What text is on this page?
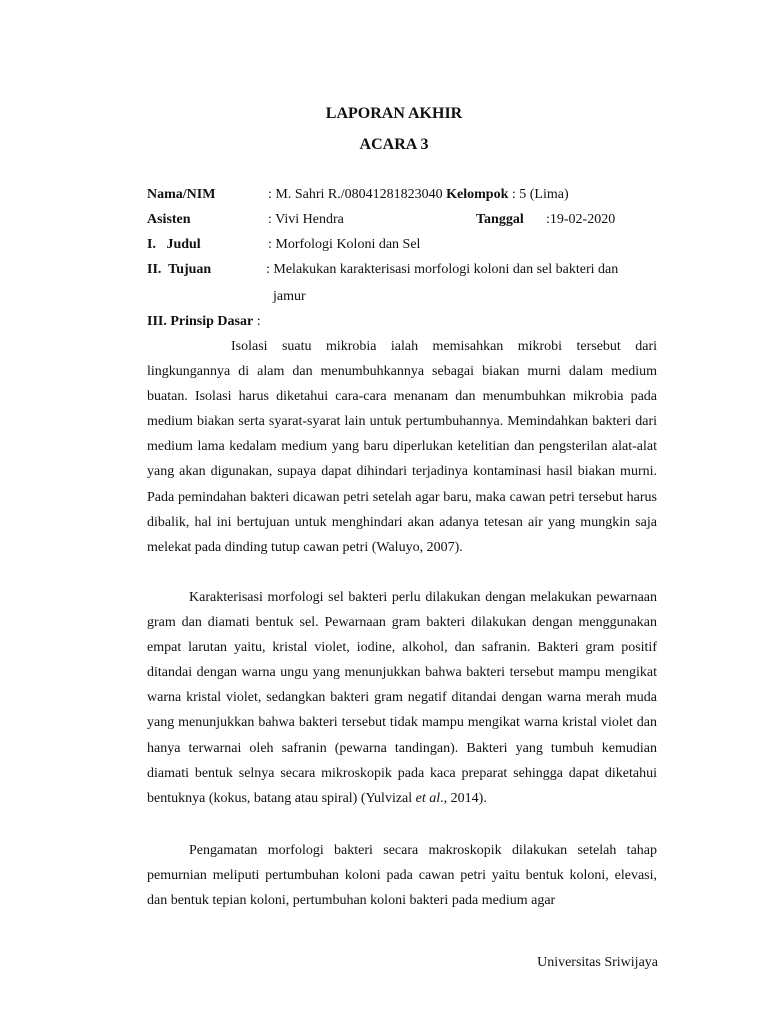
LAPORAN AKHIR
ACARA 3
Nama/NIM	: M. Sahri R./08041281823040 Kelompok : 5 (Lima)
Asisten	: Vivi Hendra	Tanggal :19-02-2020
I.   Judul	: Morfologi Koloni dan Sel
II.  Tujuan	: Melakukan karakterisasi morfologi koloni dan sel bakteri dan
jamur
III. Prinsip Dasar :

Isolasi suatu mikrobia ialah memisahkan mikrobi tersebut dari lingkungannya di alam dan menumbuhkannya sebagai biakan murni dalam medium buatan. Isolasi harus diketahui cara-cara menanam dan menumbuhkan mikrobia pada medium biakan serta syarat-syarat lain untuk pertumbuhannya. Memindahkan bakteri dari medium lama kedalam medium yang baru diperlukan ketelitian dan pengsterilan alat-alat yang akan digunakan, supaya dapat dihindari terjadinya kontaminasi hasil biakan murni. Pada pemindahan bakteri dicawan petri setelah agar baru, maka cawan petri tersebut harus dibalik, hal ini bertujuan untuk menghindari akan adanya tetesan air yang mungkin saja melekat pada dinding tutup cawan petri (Waluyo, 2007).

Karakterisasi morfologi sel bakteri perlu dilakukan dengan melakukan pewarnaan gram dan diamati bentuk sel. Pewarnaan gram bakteri dilakukan dengan menggunakan empat larutan yaitu, kristal violet, iodine, alkohol, dan safranin. Bakteri gram positif ditandai dengan warna ungu yang menunjukkan bahwa bakteri tersebut mampu mengikat warna kristal violet, sedangkan bakteri gram negatif ditandai dengan warna merah muda yang menunjukkan bahwa bakteri tersebut tidak mampu mengikat warna kristal violet dan hanya terwarnai oleh safranin (pewarna tandingan). Bakteri yang tumbuh kemudian diamati bentuk selnya secara mikroskopik pada kaca preparat sehingga dapat diketahui bentuknya (kokus, batang atau spiral) (Yulvizal et al., 2014).

Pengamatan morfologi bakteri secara makroskopik dilakukan setelah tahap pemurnian meliputi pertumbuhan koloni pada cawan petri yaitu bentuk koloni, elevasi, dan bentuk tepian koloni, pertumbuhan koloni bakteri pada medium agar

Universitas Sriwijaya
